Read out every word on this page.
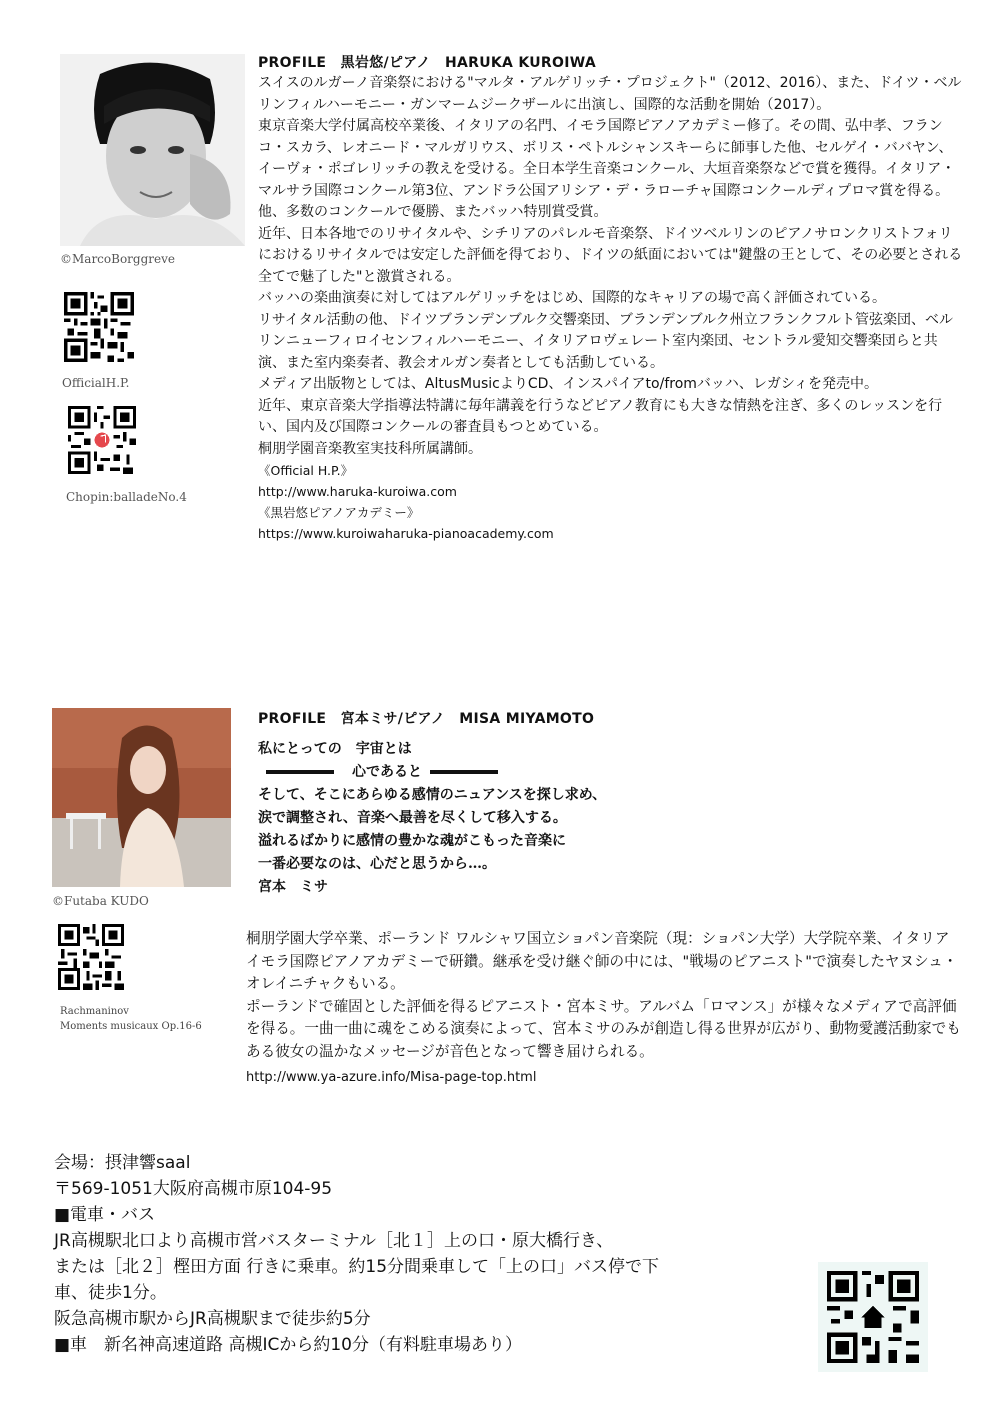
©MarcoBorggreve
OfficialH.P.
Chopin:balladeNo.4
PROFILE　黒岩悠/ピアノ　HARUKA KUROIWA

スイスのルガーノ音楽祭における"マルタ・アルゲリッチ・プロジェクト"（2012、2016）、また、ドイツ・ベルリンフィルハーモニー・ガンマームジークザールに出演し、国際的な活動を開始（2017）。

東京音楽大学付属高校卒業後、イタリアの名門、イモラ国際ピアノアカデミー修了。その間、弘中孝、フランコ・スカラ、レオニード・マルガリウス、ボリス・ペトルシャンスキーらに師事した他、セルゲイ・ババヤン、イーヴォ・ポゴレリッチの教えを受ける。全日本学生音楽コンクール、大垣音楽祭などで賞を獲得。イタリア・マルサラ国際コンクール第3位、アンドラ公国アリシア・デ・ラローチャ国際コンクールディプロマ賞を得る。他、多数のコンクールで優勝、またバッハ特別賞受賞。

近年、日本各地でのリサイタルや、シチリアのパレルモ音楽祭、ドイツベルリンのピアノサロンクリストフォリにおけるリサイタルでは安定した評価を得ており、ドイツの紙面においては"鍵盤の王として、その必要とされる全てで魅了した"と激賞される。

バッハの楽曲演奏に対してはアルゲリッチをはじめ、国際的なキャリアの場で高く評価されている。

リサイタル活動の他、ドイツブランデンブルク交響楽団、ブランデンブルク州立フランクフルト管弦楽団、ベルリンニューフィロイセンフィルハーモニー、イタリアロヴェレート室内楽団、セントラル愛知交響楽団らと共演、また室内楽奏者、教会オルガン奏者としても活動している。

メディア出版物としては、AltusMusicよりCD、インスパイアto/fromバッハ、レガシィを発売中。

近年、東京音楽大学指導法特講に毎年講義を行うなどピアノ教育にも大きな情熱を注ぎ、多くのレッスンを行い、国内及び国際コンクールの審査員もつとめている。

桐朋学園音楽教室実技科所属講師。

《Official H.P.》
http://www.haruka-kuroiwa.com
《黒岩悠ピアノアカデミー》
https://www.kuroiwaharuka-pianoacademy.com
©Futaba KUDO
Rachmaninov
Moments musicaux Op.16-6
PROFILE　宮本ミサ/ピアノ　MISA MIYAMOTO
私にとっての　宇宙とは
心であると
そして、そこにあらゆる感情のニュアンスを探し求め、
涙で調整され、音楽へ最善を尽くして移入する。
溢れるばかりに感情の豊かな魂がこもった音楽に
一番必要なのは、心だと思うから…。
宮本　ミサ

桐朋学園大学卒業、ポーランド ワルシャワ国立ショパン音楽院（現：ショパン大学）大学院卒業、イタリア イモラ国際ピアノアカデミーで研鑽。継承を受け継ぐ師の中には、"戦場のピアニスト"で演奏したヤヌシュ・オレイニチャクもいる。

ポーランドで確固とした評価を得るピアニスト・宮本ミサ。アルバム「ロマンス」が様々なメディアで高評価を得る。一曲一曲に魂をこめる演奏によって、宮本ミサのみが創造し得る世界が広がり、動物愛護活動家でもある彼女の温かなメッセージが音色となって響き届けられる。

http://www.ya-azure.info/Misa-page-top.html

会場：摂津響saal

〒569-1051大阪府高槻市原104-95

■電車・バス

JR高槻駅北口より高槻市営バスターミナル［北１］上の口・原大橋行き、

または［北２］樫田方面 行きに乗車。約15分間乗車して「上の口」バス停で下

車、徒歩1分。

阪急高槻市駅からJR高槻駅まで徒歩約5分

■車　新名神高速道路 高槻ICから約10分（有料駐車場あり）
